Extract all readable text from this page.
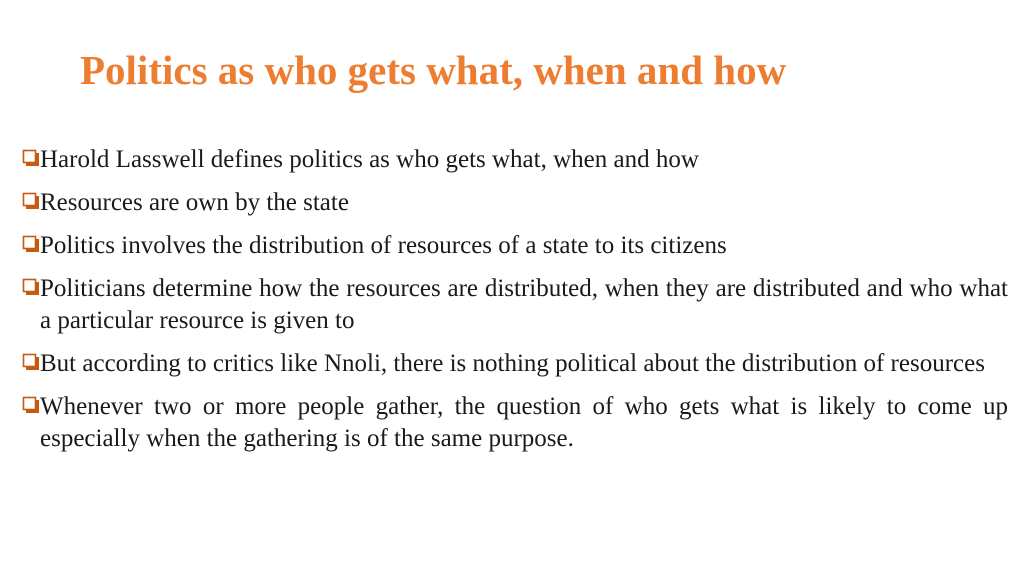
Politics as who gets what, when and how
Harold Lasswell defines politics as who gets what, when and how
Resources are own by the state
Politics involves the distribution of resources of a state to its citizens
Politicians determine how the resources are distributed, when they are distributed and who what a particular resource is given to
But according to critics like Nnoli, there is nothing political about the distribution of resources
Whenever two or more people gather, the question of who gets what is likely to come up especially when the gathering is of the same purpose.
